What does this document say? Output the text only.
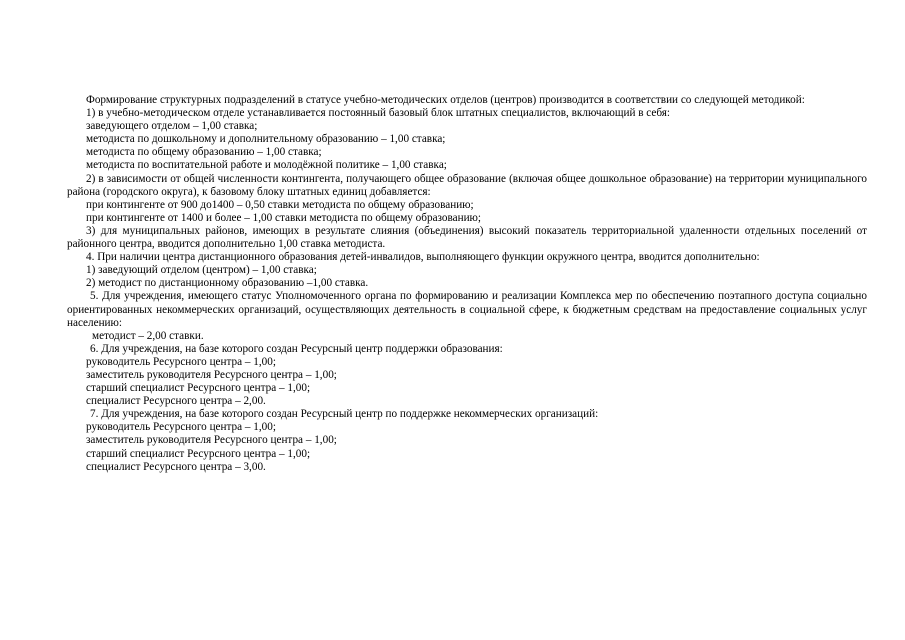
Формирование структурных подразделений в статусе учебно-методических отделов (центров) производится в соответствии со следующей методикой:

1) в учебно-методическом отделе устанавливается постоянный базовый блок штатных специалистов, включающий в себя:

заведующего отделом – 1,00 ставка;

методиста по дошкольному и дополнительному образованию – 1,00 ставка;

методиста по общему образованию – 1,00 ставка;

методиста по воспитательной работе и молодёжной политике – 1,00 ставка;

2) в зависимости от общей численности контингента, получающего общее образование (включая общее дошкольное образование) на территории муниципального района (городского округа), к базовому блоку штатных единиц добавляется:

при контингенте от 900 до1400 – 0,50 ставки методиста по общему образованию;

при контингенте от 1400 и более – 1,00 ставки методиста по общему образованию;

3) для муниципальных районов, имеющих в результате слияния (объединения) высокий показатель территориальной удаленности отдельных поселений от районного центра, вводится дополнительно 1,00 ставка методиста.

4. При наличии центра дистанционного образования детей-инвалидов, выполняющего функции окружного центра, вводится дополнительно:

1) заведующий отделом (центром) – 1,00 ставка;

2) методист по дистанционному образованию –1,00 ставка.

5. Для учреждения, имеющего статус Уполномоченного органа по формированию и реализации Комплекса мер по обеспечению поэтапного доступа социально ориентированных некоммерческих организаций, осуществляющих деятельность в социальной сфере, к бюджетным средствам на предоставление социальных услуг населению:

методист – 2,00 ставки.

6. Для учреждения, на базе которого создан Ресурсный центр поддержки образования:

руководитель Ресурсного центра – 1,00;

заместитель руководителя Ресурсного центра – 1,00;

старший специалист Ресурсного центра – 1,00;

специалист Ресурсного центра – 2,00.

7. Для учреждения, на базе которого создан Ресурсный центр по поддержке некоммерческих организаций:

руководитель Ресурсного центра – 1,00;

заместитель руководителя Ресурсного центра – 1,00;

старший специалист Ресурсного центра – 1,00;

специалист Ресурсного центра – 3,00.
